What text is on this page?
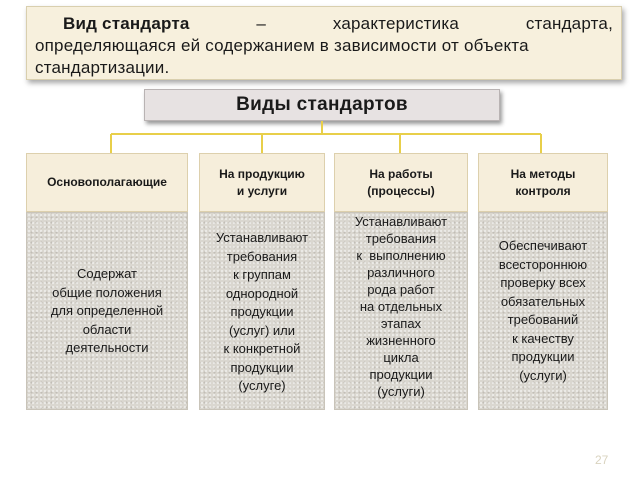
Вид стандарта	–	характеристика	стандарта,
определяющаяся ей содержанием в зависимости от объекта
стандартизации.
Виды стандартов
Основополагающие
Содержат
общие положения
для определенной
области
деятельности
На продукцию
и услуги
Устанавливают
требования
к группам
однородной
продукции
(услуг) или
к конкретной
продукции
(услуге)
На работы
(процессы)
Устанавливают
требования
к  выполнению
различного
рода работ
на отдельных
этапах
жизненного
цикла
продукции
(услуги)
На методы
контроля
Обеспечивают
всестороннюю
проверку всех
обязательных
требований
к качеству
продукции
(услуги)
27
